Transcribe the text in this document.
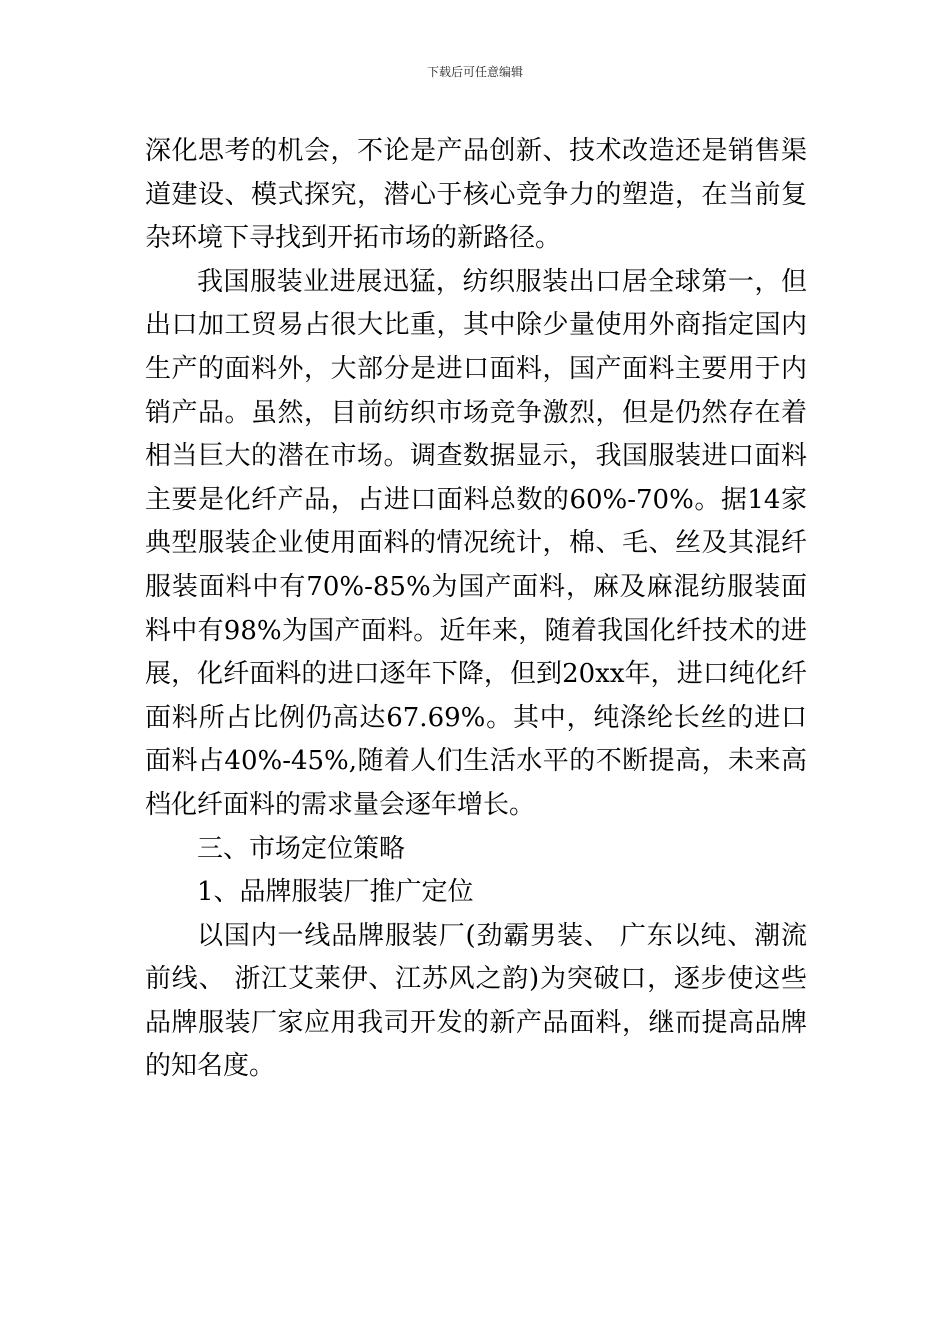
下载后可任意编辑

深化思考的机会，不论是产品创新、技术改造还是销售渠道建设、模式探究，潜心于核心竞争力的塑造，在当前复杂环境下寻找到开拓市场的新路径。

我国服装业进展迅猛，纺织服装出口居全球第一，但出口加工贸易占很大比重，其中除少量使用外商指定国内生产的面料外，大部分是进口面料，国产面料主要用于内销产品。虽然，目前纺织市场竞争激烈，但是仍然存在着相当巨大的潜在市场。调查数据显示，我国服装进口面料主要是化纤产品，占进口面料总数的60%-70%。据14家典型服装企业使用面料的情况统计，棉、毛、丝及其混纤服装面料中有70%-85%为国产面料，麻及麻混纺服装面料中有98%为国产面料。近年来，随着我国化纤技术的进展，化纤面料的进口逐年下降，但到20xx年，进口纯化纤面料所占比例仍高达67.69%。其中，纯涤纶长丝的进口面料占40%-45%,随着人们生活水平的不断提高，未来高档化纤面料的需求量会逐年增长。

三、市场定位策略

1、品牌服装厂推广定位

以国内一线品牌服装厂(劲霸男装、 广东以纯、潮流前线、 浙江艾莱伊、江苏风之韵)为突破口，逐步使这些品牌服装厂家应用我司开发的新产品面料，继而提高品牌的知名度。
